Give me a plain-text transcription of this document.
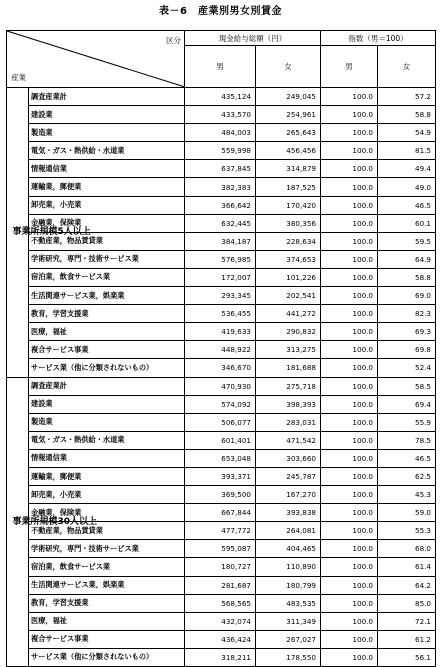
表－6　産業別男女別賃金
区分
産業		現金給与総額（円）		指数（男＝100）	
		男	女	男	女
事業所規模5人以上	調査産業計	435,124	249,045	100.0	57.2
	建設業	433,570	254,961	100.0	58.8
	製造業	484,003	265,643	100.0	54.9
	電気・ガス・熱供給・水道業	559,998	456,456	100.0	81.5
	情報通信業	637,845	314,879	100.0	49.4
	運輸業，郵便業	382,383	187,525	100.0	49.0
	卸売業，小売業	366,642	170,420	100.0	46.5
	金融業，保険業	632,445	380,356	100.0	60.1
	不動産業，物品賃貸業	384,187	228,634	100.0	59.5
	学術研究，専門・技術サービス業	576,985	374,653	100.0	64.9
	宿泊業，飲食サービス業	172,007	101,226	100.0	58.8
	生活関連サービス業，娯楽業	293,345	202,541	100.0	69.0
	教育，学習支援業	536,455	441,272	100.0	82.3
	医療，福祉	419,633	290,832	100.0	69.3
	複合サービス事業	448,922	313,275	100.0	69.8
	サービス業（他に分類されないもの）	346,670	181,688	100.0	52.4
事業所規模30人以上	調査産業計	470,930	275,718	100.0	58.5
	建設業	574,092	398,393	100.0	69.4
	製造業	506,077	283,031	100.0	55.9
	電気・ガス・熱供給・水道業	601,401	471,542	100.0	78.5
	情報通信業	653,048	303,660	100.0	46.5
	運輸業，郵便業	393,371	245,787	100.0	62.5
	卸売業，小売業	369,500	167,270	100.0	45.3
	金融業，保険業	667,844	393,838	100.0	59.0
	不動産業，物品賃貸業	477,772	264,081	100.0	55.3
	学術研究，専門・技術サービス業	595,087	404,465	100.0	68.0
	宿泊業，飲食サービス業	180,727	110,890	100.0	61.4
	生活関連サービス業，娯楽業	281,687	180,799	100.0	64.2
	教育，学習支援業	568,565	483,535	100.0	85.0
	医療，福祉	432,074	311,349	100.0	72.1
	複合サービス事業	436,424	267,027	100.0	61.2
	サービス業（他に分類されないもの）	318,211	178,550	100.0	56.1
